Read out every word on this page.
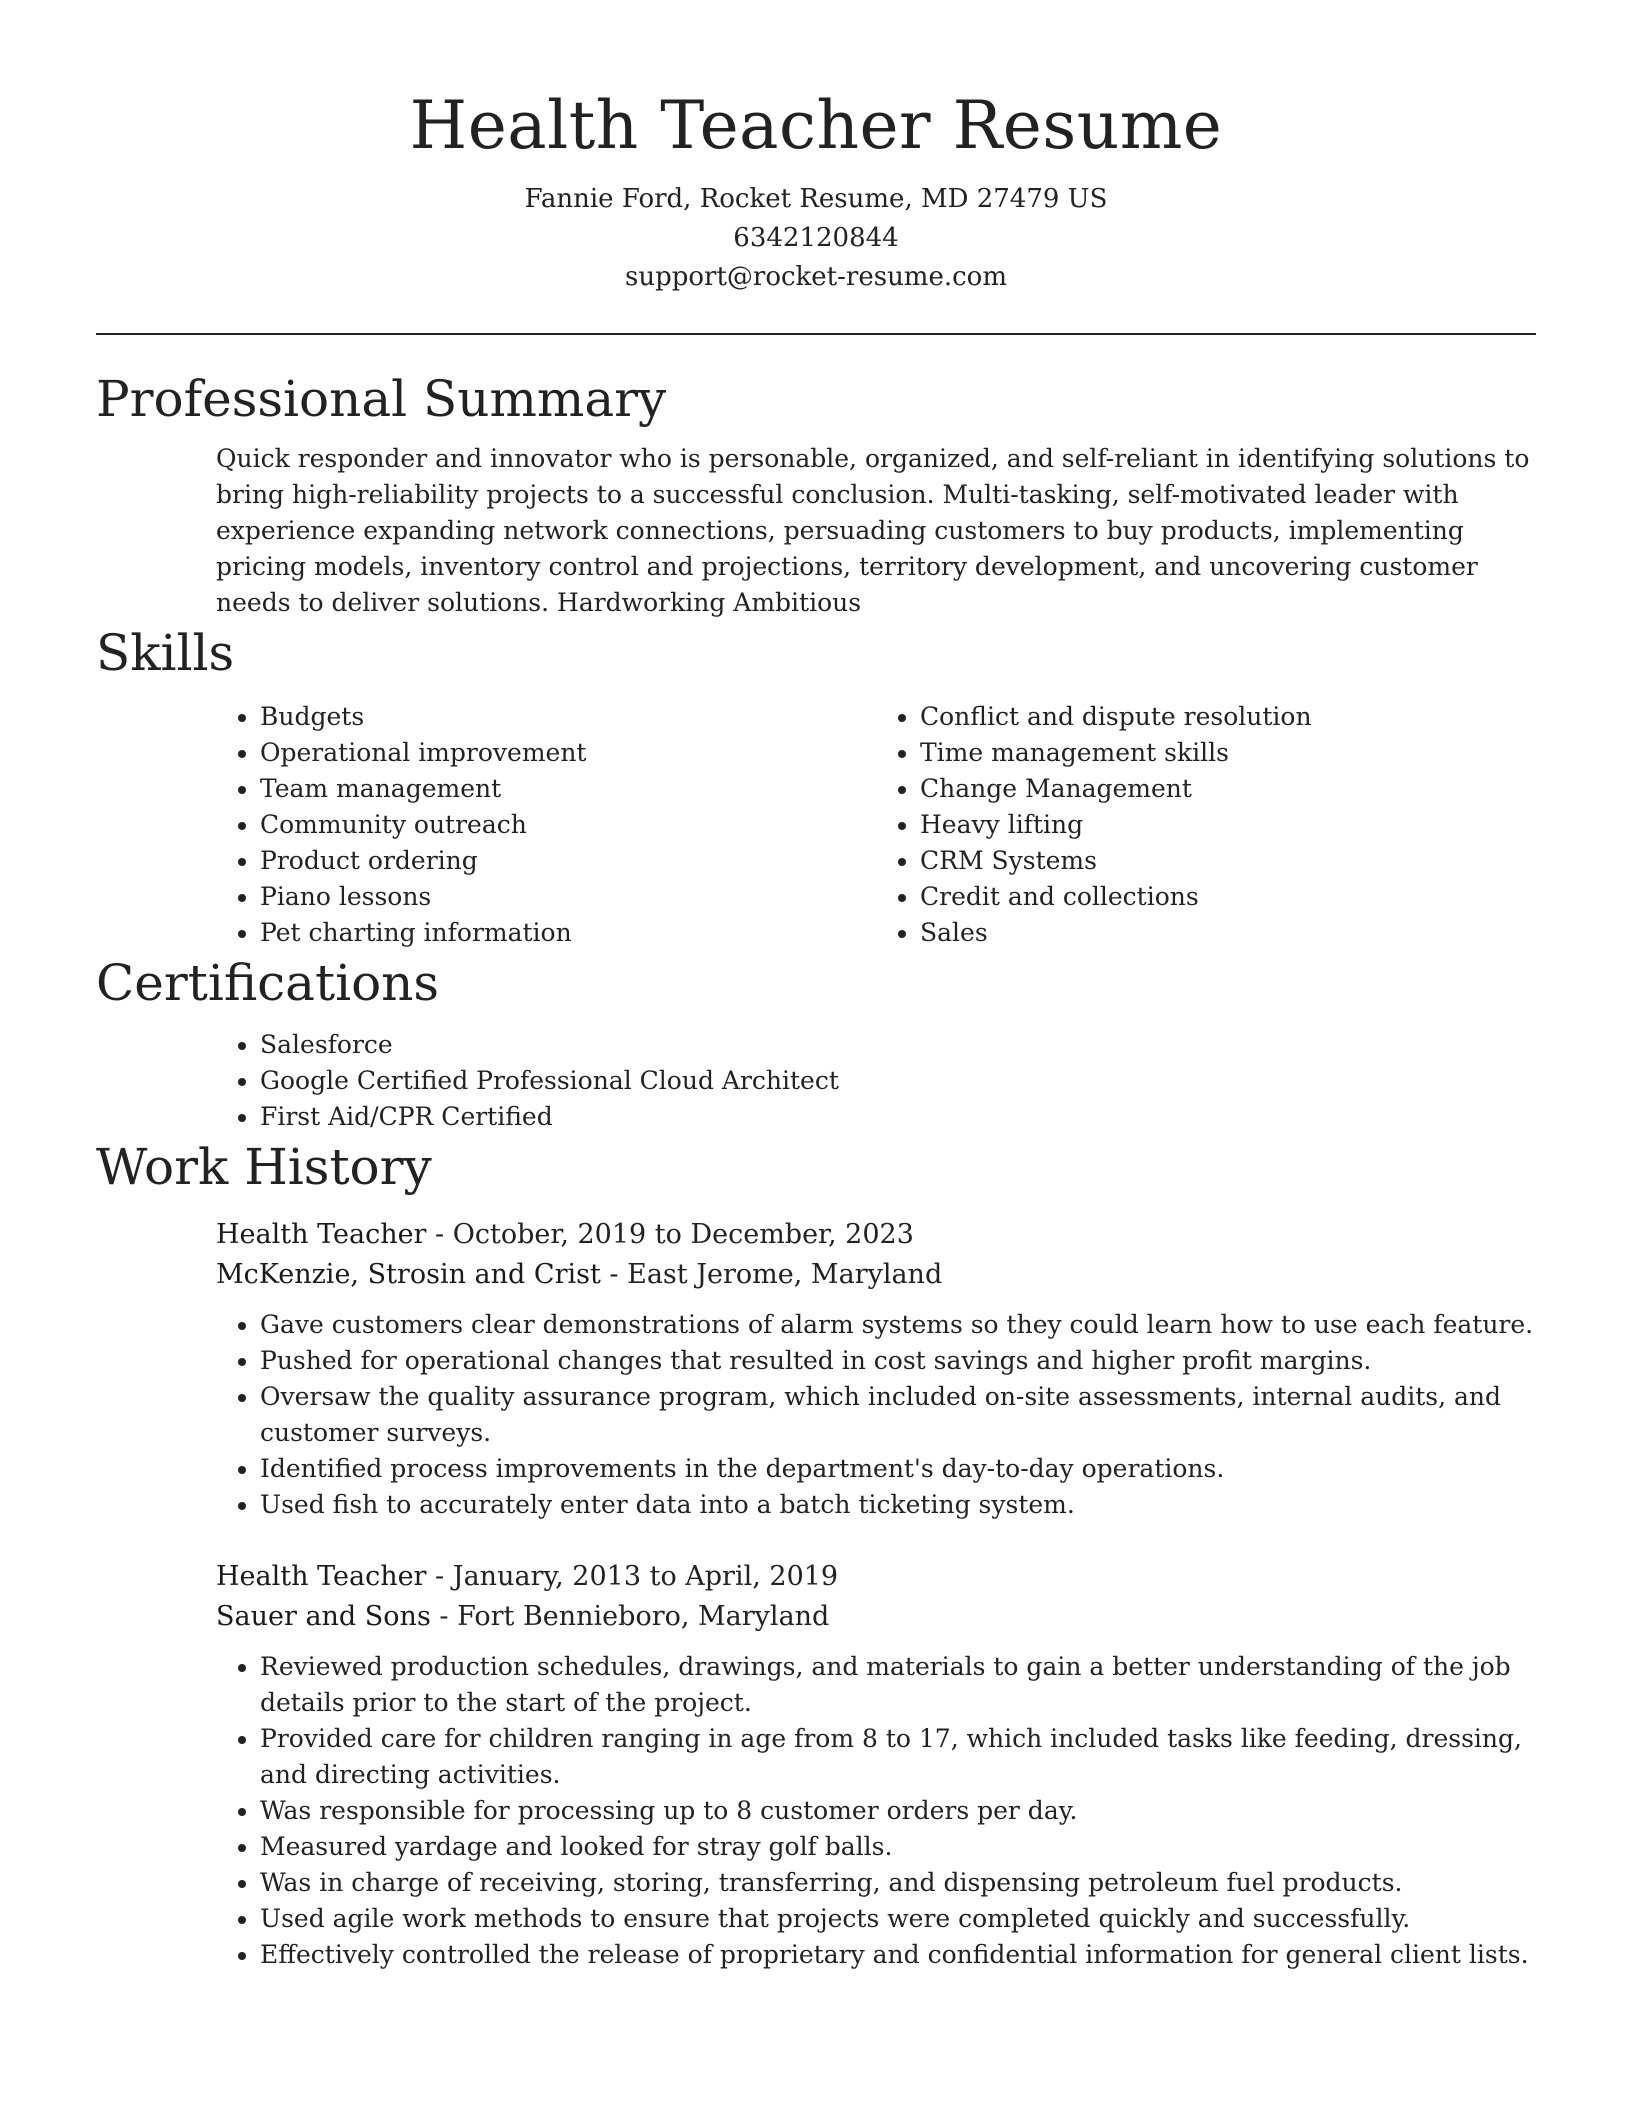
Health Teacher Resume
Fannie Ford, Rocket Resume, MD 27479 US
6342120844
support@rocket-resume.com
Professional Summary

Quick responder and innovator who is personable, organized, and self-reliant in identifying solutions to bring high-reliability projects to a successful conclusion. Multi-tasking, self-motivated leader with experience expanding network connections, persuading customers to buy products, implementing pricing models, inventory control and projections, territory development, and uncovering customer needs to deliver solutions. Hardworking Ambitious

Skills
• Budgets
• Operational improvement
• Team management
• Community outreach
• Product ordering
• Piano lessons
• Pet charting information
• Conflict and dispute resolution
• Time management skills
• Change Management
• Heavy lifting
• CRM Systems
• Credit and collections
• Sales
Certifications
• Salesforce
• Google Certified Professional Cloud Architect
• First Aid/CPR Certified
Work History
Health Teacher - October, 2019 to December, 2023
McKenzie, Strosin and Crist - East Jerome, Maryland
• Gave customers clear demonstrations of alarm systems so they could learn how to use each feature.
• Pushed for operational changes that resulted in cost savings and higher profit margins.
• Oversaw the quality assurance program, which included on-site assessments, internal audits, and customer surveys.
• Identified process improvements in the department's day-to-day operations.
• Used fish to accurately enter data into a batch ticketing system.
Health Teacher - January, 2013 to April, 2019
Sauer and Sons - Fort Bennieboro, Maryland
• Reviewed production schedules, drawings, and materials to gain a better understanding of the job details prior to the start of the project.
• Provided care for children ranging in age from 8 to 17, which included tasks like feeding, dressing, and directing activities.
• Was responsible for processing up to 8 customer orders per day.
• Measured yardage and looked for stray golf balls.
• Was in charge of receiving, storing, transferring, and dispensing petroleum fuel products.
• Used agile work methods to ensure that projects were completed quickly and successfully.
• Effectively controlled the release of proprietary and confidential information for general client lists.
